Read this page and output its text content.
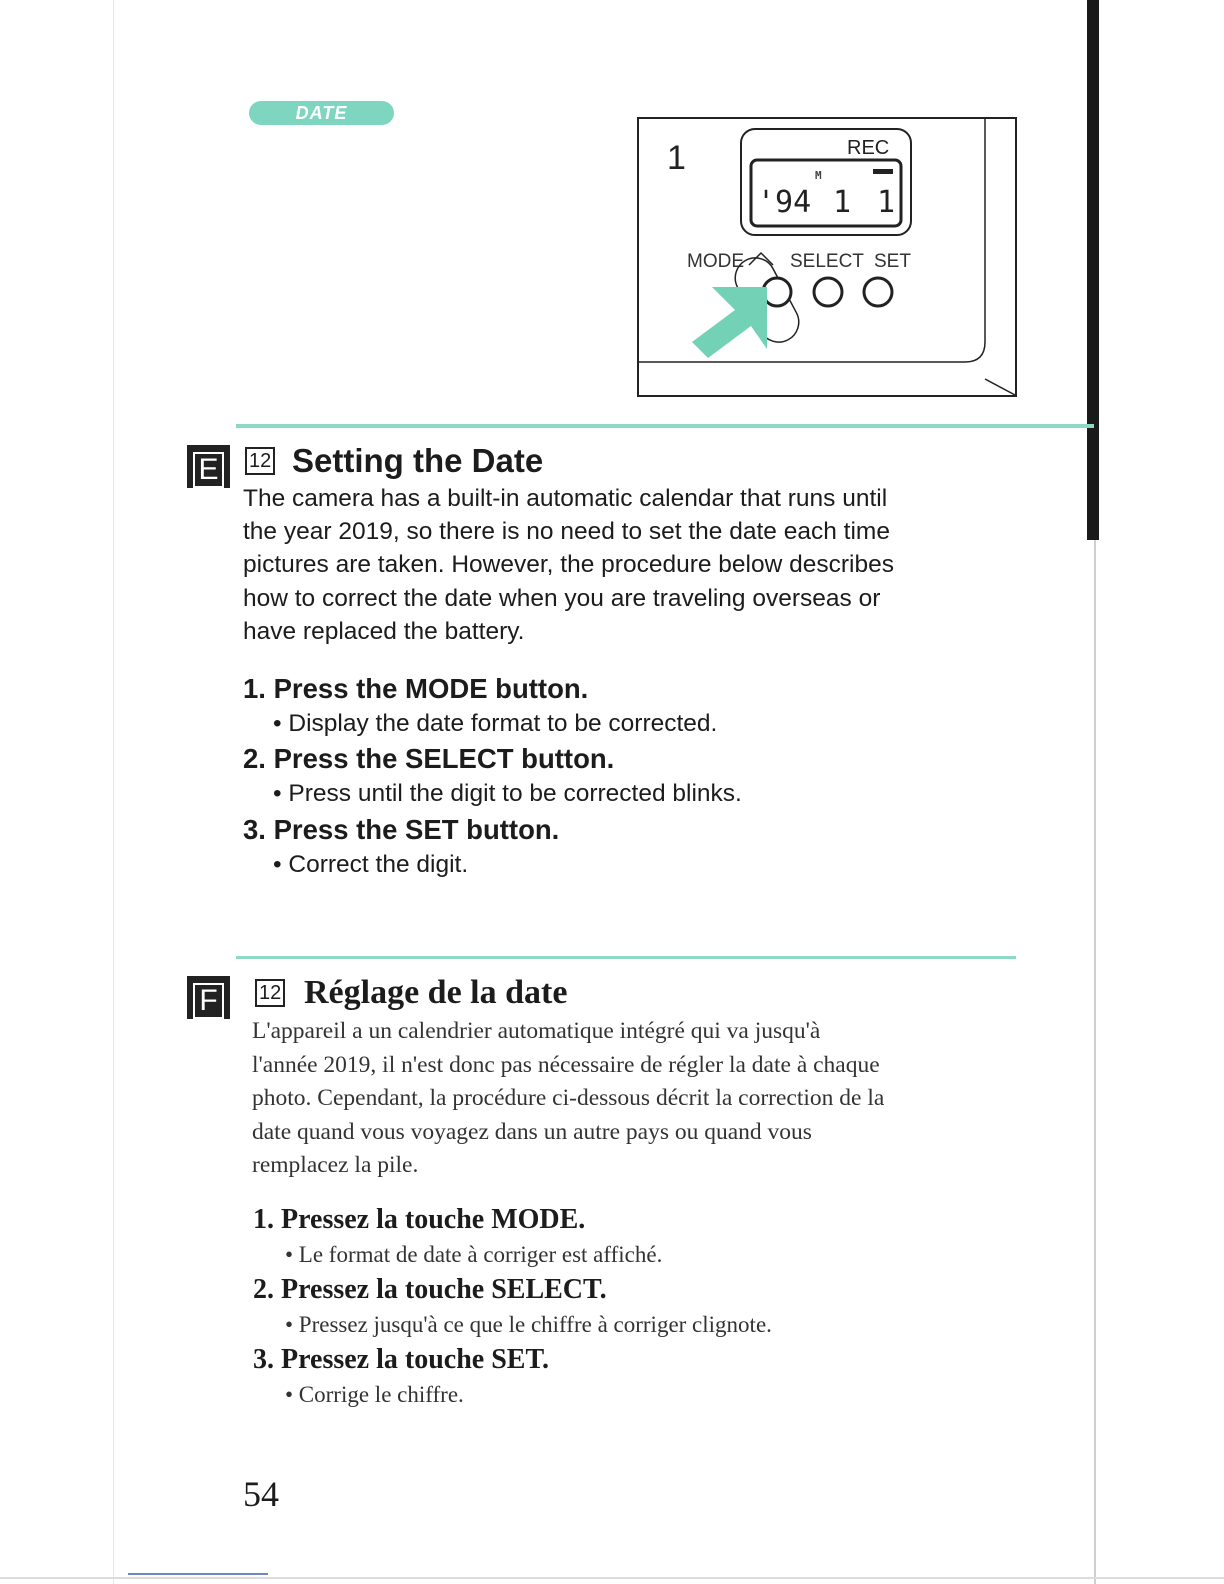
DATE
1	REC
M
'94 1 1
MODE SELECT SET
E	12 Setting the Date
The camera has a built-in automatic calendar that runs until
the year 2019, so there is no need to set the date each time
pictures are taken. However, the procedure below describes
how to correct the date when you are traveling overseas or
have replaced the battery.
1. Press the MODE button.
• Display the date format to be corrected.
2. Press the SELECT button.
• Press until the digit to be corrected blinks.
3. Press the SET button.
• Correct the digit.
F	12 Réglage de la date
L'appareil a un calendrier automatique intégré qui va jusqu'à
l'année 2019, il n'est donc pas nécessaire de régler la date à chaque
photo. Cependant, la procédure ci-dessous décrit la correction de la
date quand vous voyagez dans un autre pays ou quand vous
remplacez la pile.
1. Pressez la touche MODE.
• Le format de date à corriger est affiché.
2. Pressez la touche SELECT.
• Pressez jusqu'à ce que le chiffre à corriger clignote.
3. Pressez la touche SET.
• Corrige le chiffre.
54
